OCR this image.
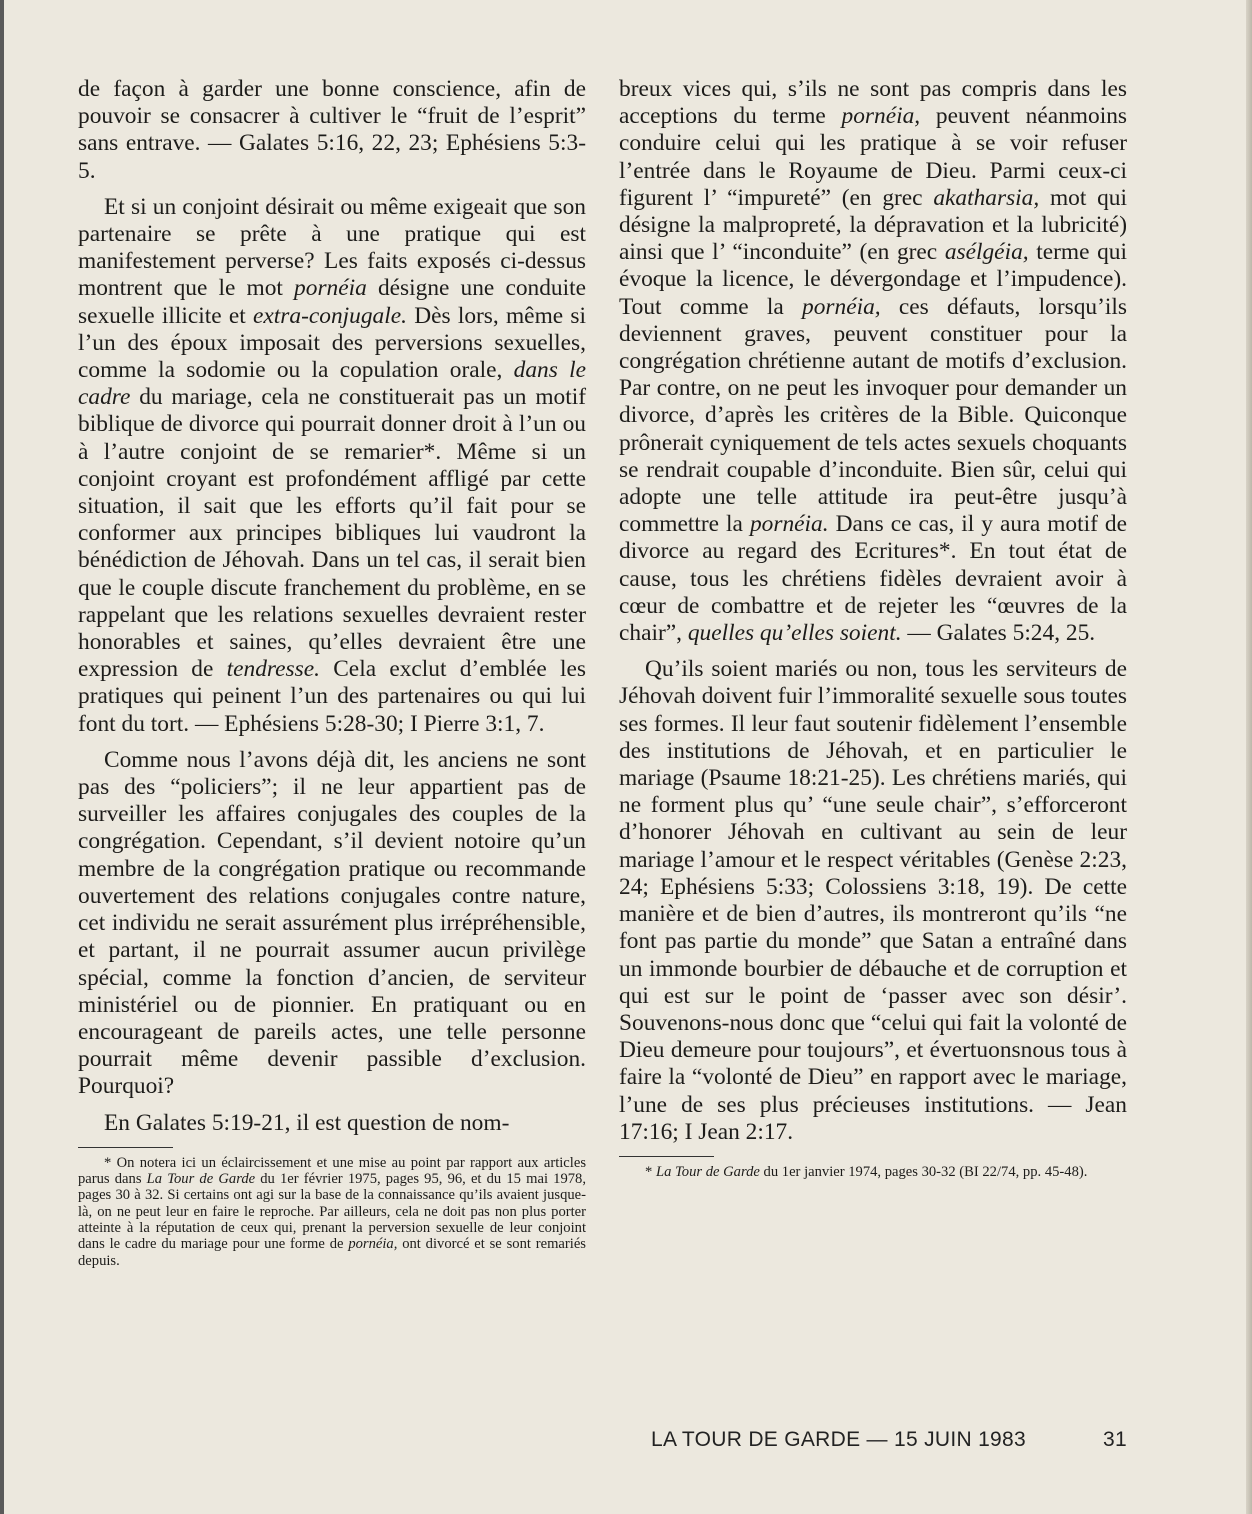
de façon à garder une bonne conscience, afin de pouvoir se consacrer à cultiver le “fruit de l’esprit” sans entrave. — Galates 5:16, 22, 23; Ephésiens 5:3-5.

Et si un conjoint désirait ou même exigeait que son partenaire se prête à une pratique qui est manifestement perverse? Les faits exposés ci-dessus montrent que le mot pornéia désigne une conduite sexuelle illicite et extra-conjugale. Dès lors, même si l’un des époux imposait des perversions sexuelles, comme la sodomie ou la copulation orale, dans le cadre du mariage, cela ne constituerait pas un motif biblique de divorce qui pourrait donner droit à l’un ou à l’autre conjoint de se remarier*. Même si un conjoint croyant est profondément affligé par cette situation, il sait que les efforts qu’il fait pour se conformer aux principes bibliques lui vaudront la bénédiction de Jéhovah. Dans un tel cas, il serait bien que le couple discute franchement du problème, en se rappelant que les relations sexuelles devraient rester honorables et saines, qu’elles devraient être une expression de tendresse. Cela exclut d’emblée les pratiques qui peinent l’un des partenaires ou qui lui font du tort. — Ephésiens 5:28-30; I Pierre 3:1, 7.

Comme nous l’avons déjà dit, les anciens ne sont pas des “policiers”; il ne leur appartient pas de surveiller les affaires conjugales des couples de la congrégation. Cependant, s’il devient notoire qu’un membre de la congrégation pratique ou recommande ouvertement des relations conjugales contre nature, cet individu ne serait assurément plus irrépréhensible, et partant, il ne pourrait assumer aucun privilège spécial, comme la fonction d’ancien, de serviteur ministériel ou de pionnier. En pratiquant ou en encourageant de pareils actes, une telle personne pourrait même devenir passible d’exclusion. Pourquoi?

En Galates 5:19-21, il est question de nom-

* On notera ici un éclaircissement et une mise au point par rapport aux articles parus dans La Tour de Garde du 1er février 1975, pages 95, 96, et du 15 mai 1978, pages 30 à 32. Si certains ont agi sur la base de la connaissance qu’ils avaient jusque-là, on ne peut leur en faire le reproche. Par ailleurs, cela ne doit pas non plus porter atteinte à la réputation de ceux qui, prenant la perversion sexuelle de leur conjoint dans le cadre du mariage pour une forme de pornéia, ont divorcé et se sont remariés depuis.

breux vices qui, s’ils ne sont pas compris dans les acceptions du terme pornéia, peuvent néanmoins conduire celui qui les pratique à se voir refuser l’entrée dans le Royaume de Dieu. Parmi ceux-ci figurent l’ “impureté” (en grec akatharsia, mot qui désigne la malpropreté, la dépravation et la lubricité) ainsi que l’ “inconduite” (en grec asélgéia, terme qui évoque la licence, le dévergondage et l’impudence). Tout comme la pornéia, ces défauts, lorsqu’ils deviennent graves, peuvent constituer pour la congrégation chrétienne autant de motifs d’exclusion. Par contre, on ne peut les invoquer pour demander un divorce, d’après les critères de la Bible. Quiconque prônerait cyniquement de tels actes sexuels choquants se rendrait coupable d’inconduite. Bien sûr, celui qui adopte une telle attitude ira peut-être jusqu’à commettre la pornéia. Dans ce cas, il y aura motif de divorce au regard des Ecritures*. En tout état de cause, tous les chrétiens fidèles devraient avoir à cœur de combattre et de rejeter les “œuvres de la chair”, quelles qu’elles soient. — Galates 5:24, 25.

Qu’ils soient mariés ou non, tous les serviteurs de Jéhovah doivent fuir l’immoralité sexuelle sous toutes ses formes. Il leur faut soutenir fidèlement l’ensemble des institutions de Jéhovah, et en particulier le mariage (Psaume 18:21-25). Les chrétiens mariés, qui ne forment plus qu’ “une seule chair”, s’efforceront d’honorer Jéhovah en cultivant au sein de leur mariage l’amour et le respect véritables (Genèse 2:23, 24; Ephésiens 5:33; Colossiens 3:18, 19). De cette manière et de bien d’autres, ils montreront qu’ils “ne font pas partie du monde” que Satan a entraîné dans un immonde bourbier de débauche et de corruption et qui est sur le point de ‘passer avec son désir’. Souvenons-nous donc que “celui qui fait la volonté de Dieu demeure pour toujours”, et évertuonsnous tous à faire la “volonté de Dieu” en rapport avec le mariage, l’une de ses plus précieuses institutions. — Jean 17:16; I Jean 2:17.

* La Tour de Garde du 1er janvier 1974, pages 30-32 (BI 22/74, pp. 45-48).

LA TOUR DE GARDE — 15 JUIN 1983	31
